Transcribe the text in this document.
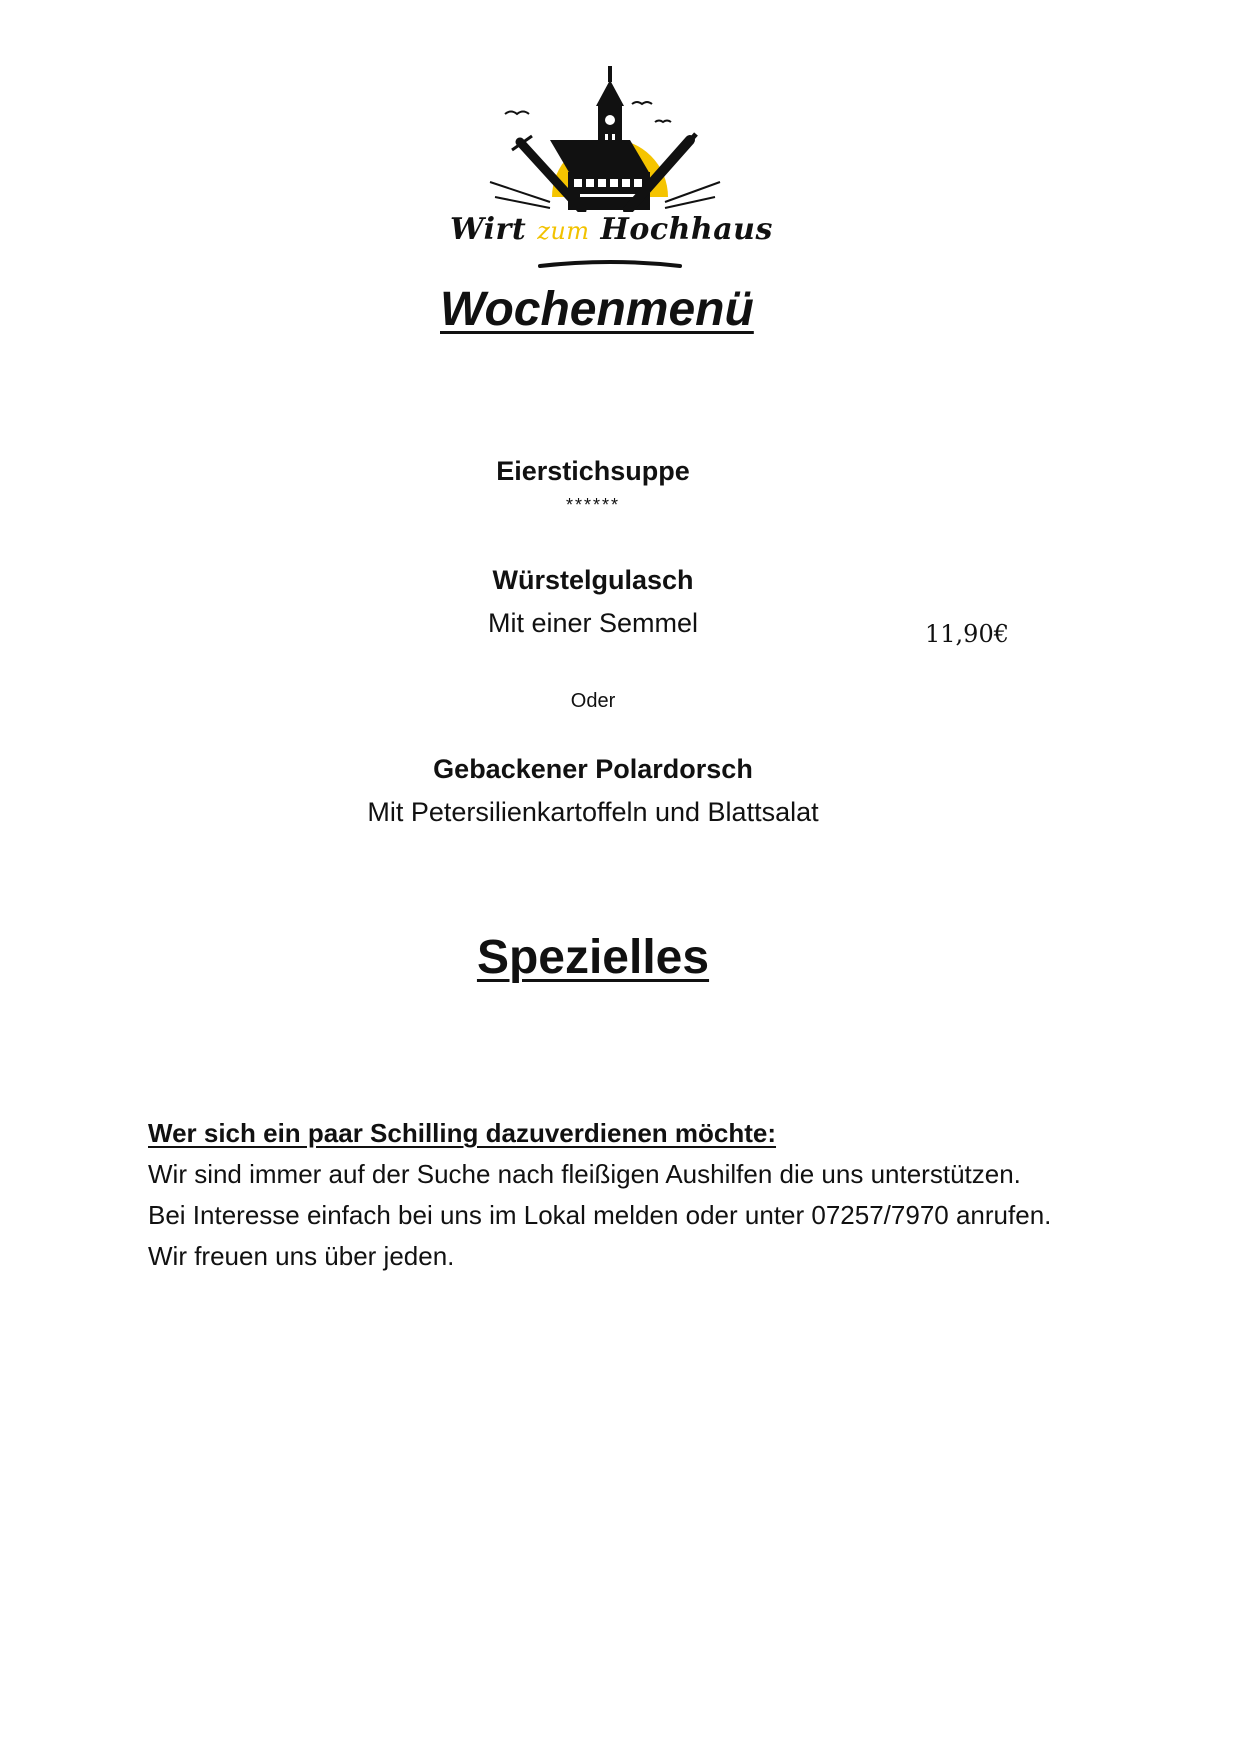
Wirt zum Hochhaus
Wochenmenü
Eierstichsuppe
******
Würstelgulasch
Mit einer Semmel	11,90€
Oder
Gebackener Polardorsch
Mit Petersilienkartoffeln und Blattsalat
Spezielles
Wer sich ein paar Schilling dazuverdienen möchte:
Wir sind immer auf der Suche nach fleißigen Aushilfen die uns unterstützen.
Bei Interesse einfach bei uns im Lokal melden oder unter 07257/7970 anrufen.
Wir freuen uns über jeden.
